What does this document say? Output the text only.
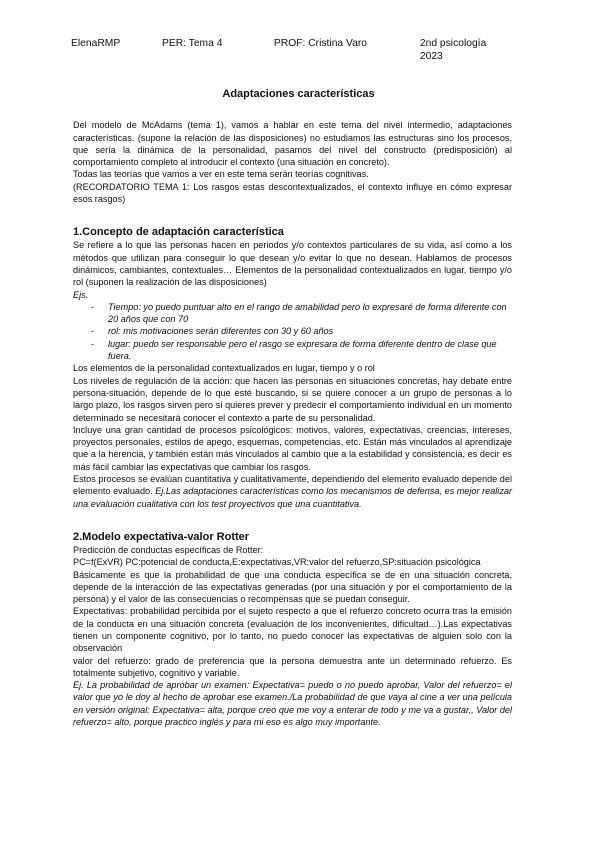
ElenaRMP	PER: Tema 4	PROF: Cristina Varo	2nd psicología 2023
Adaptaciones características

Del modelo de McAdams (tema 1), vamos a hablar en este tema del nivel intermedio, adaptaciones características. (supone la relación de las disposiciones) no estudiamos las estructuras sino los procesos, que sería la dinámica de la personalidad, pasamos del nivel del constructo (predisposición) al comportamiento completo al introducir el contexto (una situación en concreto).

Todas las teorías que vamos a ver en este tema serán teorías cognitivas.

(RECORDATORIO TEMA 1: Los rasgos estas descontextualizados, el contexto influye en cómo expresar esos rasgos)

1.Concepto de adaptación característica

Se refiere a lo que las personas hacen en periodos y/o contextos particulares de su vida, así como a los métodos que utilizan para conseguir lo que desean y/o evitar lo que no desean. Hablamos de procesos dinámicos, cambiantes, contextuales… Elementos de la personalidad contextualizados en lugar, tiempo y/o rol (suponen la realización de las disposiciones)

Ejs.

- Tiempo: yo puedo puntuar alto en el rango de amabilidad pero lo expresaré de forma diferente con 20 años que con 70
- rol: mis motivaciones serán diferentes con 30 y 60 años
- lugar: puedo ser responsable pero el rasgo se expresara de forma diferente dentro de clase que fuera.

Los elementos de la personalidad contextualizados en lugar, tiempo y o rol

Los niveles de regulación de la acción: que hacen las personas en situaciones concretas, hay debate entre persona-situación, depende de lo que esté buscando, si se quiere conocer a un grupo de personas a lo largo plazo, los rasgos sirven pero si quieres prever y predecir el comportamiento individual en un momento determinado se necesitará conocer el contexto a parte de su personalidad.

Incluye una gran cantidad de procesos psicológicos: motivos, valores, expectativas, creencias, intereses, proyectos personales, estilos de apego, esquemas, competencias, etc. Están más vinculados al aprendizaje que a la herencia, y también están más vinculados al cambio que a la estabilidad y consistencia, es decir es más fácil cambiar las expectativas que cambiar los rasgos.

Estos procesos se evalúan cuantitativa y cualitativamente, dependiendo del elemento evaluado depende del elemento evaluado. Ej.Las adaptaciones características como los mecanismos de defensa, es mejor realizar una evaluación cualitativa con los test proyectivos que una cuantitativa.

2.Modelo expectativa-valor Rotter

Predicción de conductas específicas de Rotter:

PC=f(ExVR) PC:potencial de conducta,E:expectativas,VR:valor del refuerzo,SP:situación psicológica

Básicamente es que la probabilidad de que una conducta específica se de en una situación concreta, depende de la interacción de las expectativas generadas (por una situación y por el comportamiento de la persona) y el valor de las consecuencias o recompensas que se puedan conseguir.

Expectativas: probabilidad percibida por el sujeto respecto a que el refuerzo concreto ocurra tras la emisión de la conducta en una situación concreta (evaluación de los inconvenientes, dificultad…).Las expectativas tienen un componente cognitivo, por lo tanto, no puedo conocer las expectativas de alguien solo con la observación

valor del refuerzo: grado de preferencia que la persona demuestra ante un determinado refuerzo. Es totalmente subjetivo, cognitivo y variable.

Ej. La probabilidad de aprobar un examen: Expectativa= puedo o no puedo aprobar, Valor del refuerzo= el valor que yo le doy al hecho de aprobar ese examen./La probabilidad de que vaya al cine a ver una película en versión original: Expectativa= alta, porque creo que me voy a enterar de todo y me va a gustar,, Valor del refuerzo= alto, porque practico inglés y para mi eso es algo muy importante.
